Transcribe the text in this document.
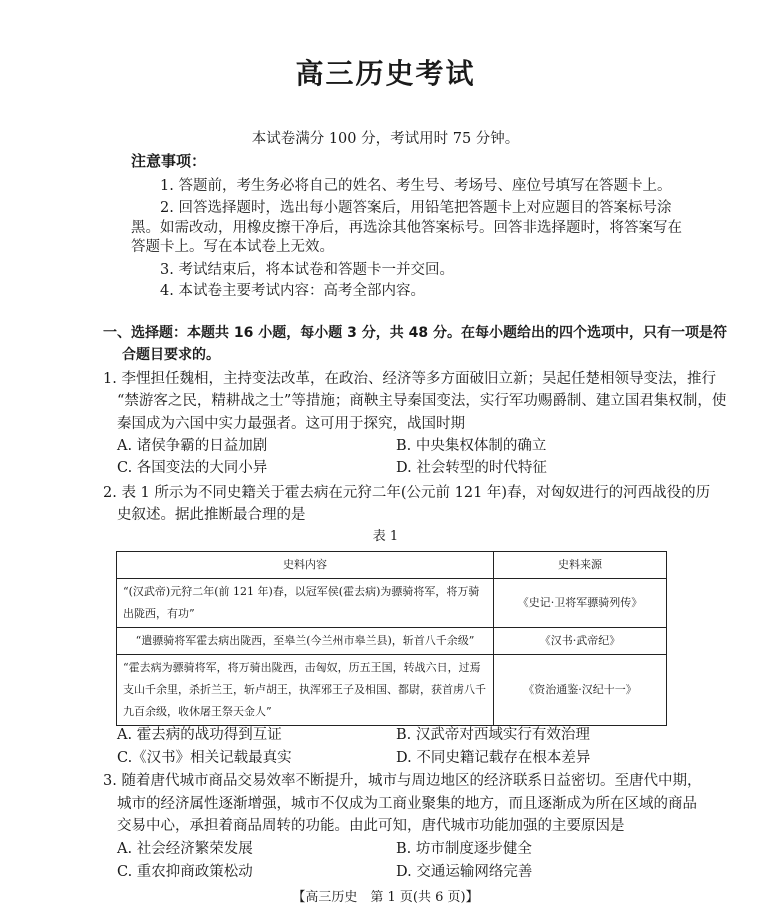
高三历史考试
本试卷满分 100 分，考试用时 75 分钟。
注意事项：
1. 答题前，考生务必将自己的姓名、考生号、考场号、座位号填写在答题卡上。
2. 回答选择题时，选出每小题答案后，用铅笔把答题卡上对应题目的答案标号涂
黑。如需改动，用橡皮擦干净后，再选涂其他答案标号。回答非选择题时，将答案写在
答题卡上。写在本试卷上无效。
3. 考试结束后，将本试卷和答题卡一并交回。
4. 本试卷主要考试内容：高考全部内容。
一、选择题：本题共 16 小题，每小题 3 分，共 48 分。在每小题给出的四个选项中，只有一项是符
合题目要求的。
1. 李悝担任魏相，主持变法改革，在政治、经济等多方面破旧立新；吴起任楚相领导变法，推行
“禁游客之民，精耕战之士”等措施；商鞅主导秦国变法，实行军功赐爵制、建立国君集权制，使
秦国成为六国中实力最强者。这可用于探究，战国时期
A. 诸侯争霸的日益加剧	B. 中央集权体制的确立
C. 各国变法的大同小异	D. 社会转型的时代特征
2. 表 1 所示为不同史籍关于霍去病在元狩二年(公元前 121 年)春，对匈奴进行的河西战役的历
史叙述。据此推断最合理的是
表 1
史料内容	史料来源
“(汉武帝)元狩二年(前 121 年)春，以冠军侯(霍去病)为骠骑将军，将万骑出陇西，有功”	《史记·卫将军骠骑列传》
“遣骠骑将军霍去病出陇西，至皋兰(今兰州市皋兰县)，斩首八千余级”	《汉书·武帝纪》
“霍去病为骠骑将军，将万骑出陇西，击匈奴，历五王国，转战六日，过焉支山千余里，杀折兰王，斩卢胡王，执浑邪王子及相国、都尉，获首虏八千九百余级，收休屠王祭天金人”	《资治通鉴·汉纪十一》
A. 霍去病的战功得到互证	B. 汉武帝对西域实行有效治理
C.《汉书》相关记载最真实	D. 不同史籍记载存在根本差异
3. 随着唐代城市商品交易效率不断提升，城市与周边地区的经济联系日益密切。至唐代中期，
城市的经济属性逐渐增强，城市不仅成为工商业聚集的地方，而且逐渐成为所在区域的商品
交易中心，承担着商品周转的功能。由此可知，唐代城市功能加强的主要原因是
A. 社会经济繁荣发展	B. 坊市制度逐步健全
C. 重农抑商政策松动	D. 交通运输网络完善
【高三历史　第 1 页(共 6 页)】
